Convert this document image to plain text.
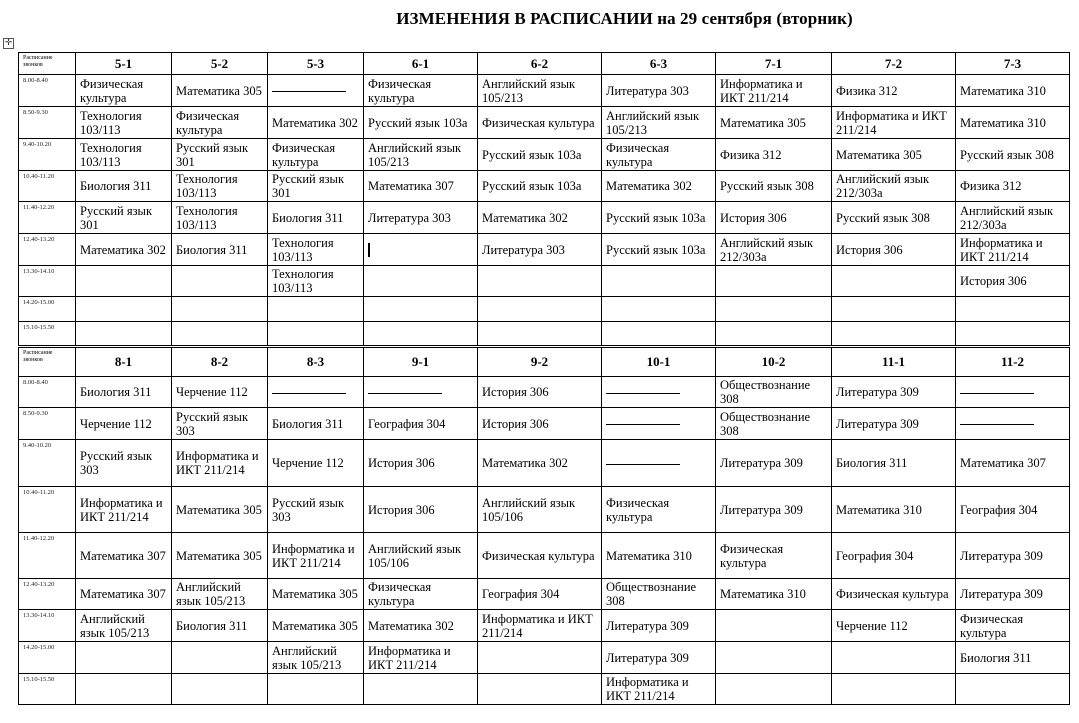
ИЗМЕНЕНИЯ В РАСПИСАНИИ на 29 сентября (вторник)
✛
Расписание звонков	5-1	5-2	5-3	6-1	6-2	6-3	7-1	7-2	7-3
8.00-8.40	Физическая культура	Математика 305		Физическая культура	Английский язык 105/213	Литература 303	Информатика и ИКТ 211/214	Физика 312	Математика 310
8.50-9.30	Технология 103/113	Физическая культура	Математика 302	Русский язык 103а	Физическая культура	Английский язык 105/213	Математика 305	Информатика и ИКТ 211/214	Математика 310
9.40-10.20	Технология 103/113	Русский язык 301	Физическая культура	Английский язык 105/213	Русский язык 103а	Физическая культура	Физика 312	Математика 305	Русский язык 308
10.40-11.20	Биология 311	Технология 103/113	Русский язык 301	Математика 307	Русский язык 103а	Математика 302	Русский язык 308	Английский язык 212/303а	Физика 312
11.40-12.20	Русский язык 301	Технология 103/113	Биология 311	Литература 303	Математика 302	Русский язык 103а	История 306	Русский язык 308	Английский язык 212/303а
12.40-13.20	Математика 302	Биология 311	Технология 103/113		Литература 303	Русский язык 103а	Английский язык 212/303а	История 306	Информатика и ИКТ 211/214
13.30-14.10			Технология 103/113						История 306
14.20-15.00									
15.10-15.50									
Расписание звонков	8-1	8-2	8-3	9-1	9-2	10-1	10-2	11-1	11-2
8.00-8.40	Биология 311	Черчение 112			История 306		Обществознание 308	Литература 309	
8.50-9.30	Черчение 112	Русский язык 303	Биология 311	География 304	История 306		Обществознание 308	Литература 309	
9.40-10.20	Русский язык 303	Информатика и ИКТ 211/214	Черчение 112	История 306	Математика 302		Литература 309	Биология 311	Математика 307
10.40-11.20	Информатика и ИКТ 211/214	Математика 305	Русский язык 303	История 306	Английский язык 105/106	Физическая культура	Литература 309	Математика 310	География 304
11.40-12.20	Математика 307	Математика 305	Информатика и ИКТ 211/214	Английский язык 105/106	Физическая культура	Математика 310	Физическая культура	География 304	Литература 309
12.40-13.20	Математика 307	Английский язык 105/213	Математика 305	Физическая культура	География 304	Обществознание 308	Математика 310	Физическая культура	Литература 309
13.30-14.10	Английский язык 105/213	Биология 311	Математика 305	Математика 302	Информатика и ИКТ 211/214	Литература 309		Черчение 112	Физическая культура
14.20-15.00			Английский язык 105/213	Информатика и ИКТ 211/214		Литература 309			Биология 311
15.10-15.50						Информатика и ИКТ 211/214			
